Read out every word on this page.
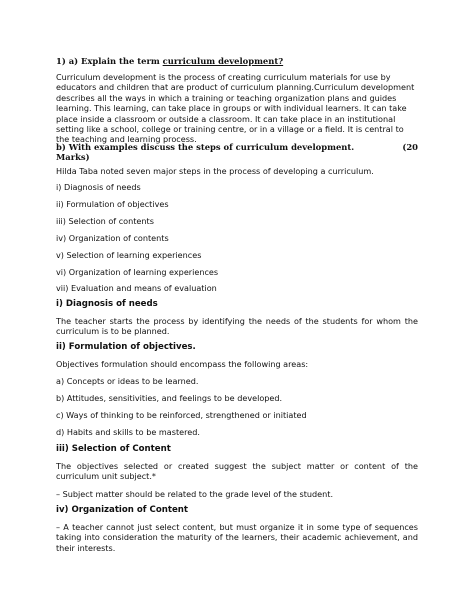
1) a) Explain the term curriculum development?

Curriculum development is the process of creating curriculum materials for use by educators and children that are product of curriculum planning.Curriculum development describes all the ways in which a training or teaching organization plans and guides learning. This learning, can take place in groups or with individual learners. It can take place inside a classroom or outside a classroom. It can take place in an institutional setting like a school, college or training centre, or in a village or a field. It is central to the teaching and learning process.

b) With examples discuss the steps of curriculum development.	(20

Marks)

Hilda Taba noted seven major steps in the process of developing a curriculum.

i) Diagnosis of needs

ii) Formulation of objectives

iii) Selection of contents

iv) Organization of contents

v) Selection of learning experiences

vi) Organization of learning experiences

vii) Evaluation and means of evaluation

i) Diagnosis of needs

The teacher starts the process by identifying the needs of the students for whom the curriculum is to be planned.

ii) Formulation of objectives.

Objectives formulation should encompass the following areas:

a) Concepts or ideas to be learned.

b) Attitudes, sensitivities, and feelings to be developed.

c) Ways of thinking to be reinforced, strengthened or initiated

d) Habits and skills to be mastered.

iii) Selection of Content

The objectives selected or created suggest the subject matter or content of the curriculum unit subject.*

– Subject matter should be related to the grade level of the student.

iv) Organization of Content

– A teacher cannot just select content, but must organize it in some type of sequences taking into consideration the maturity of the learners, their academic achievement, and their interests.
